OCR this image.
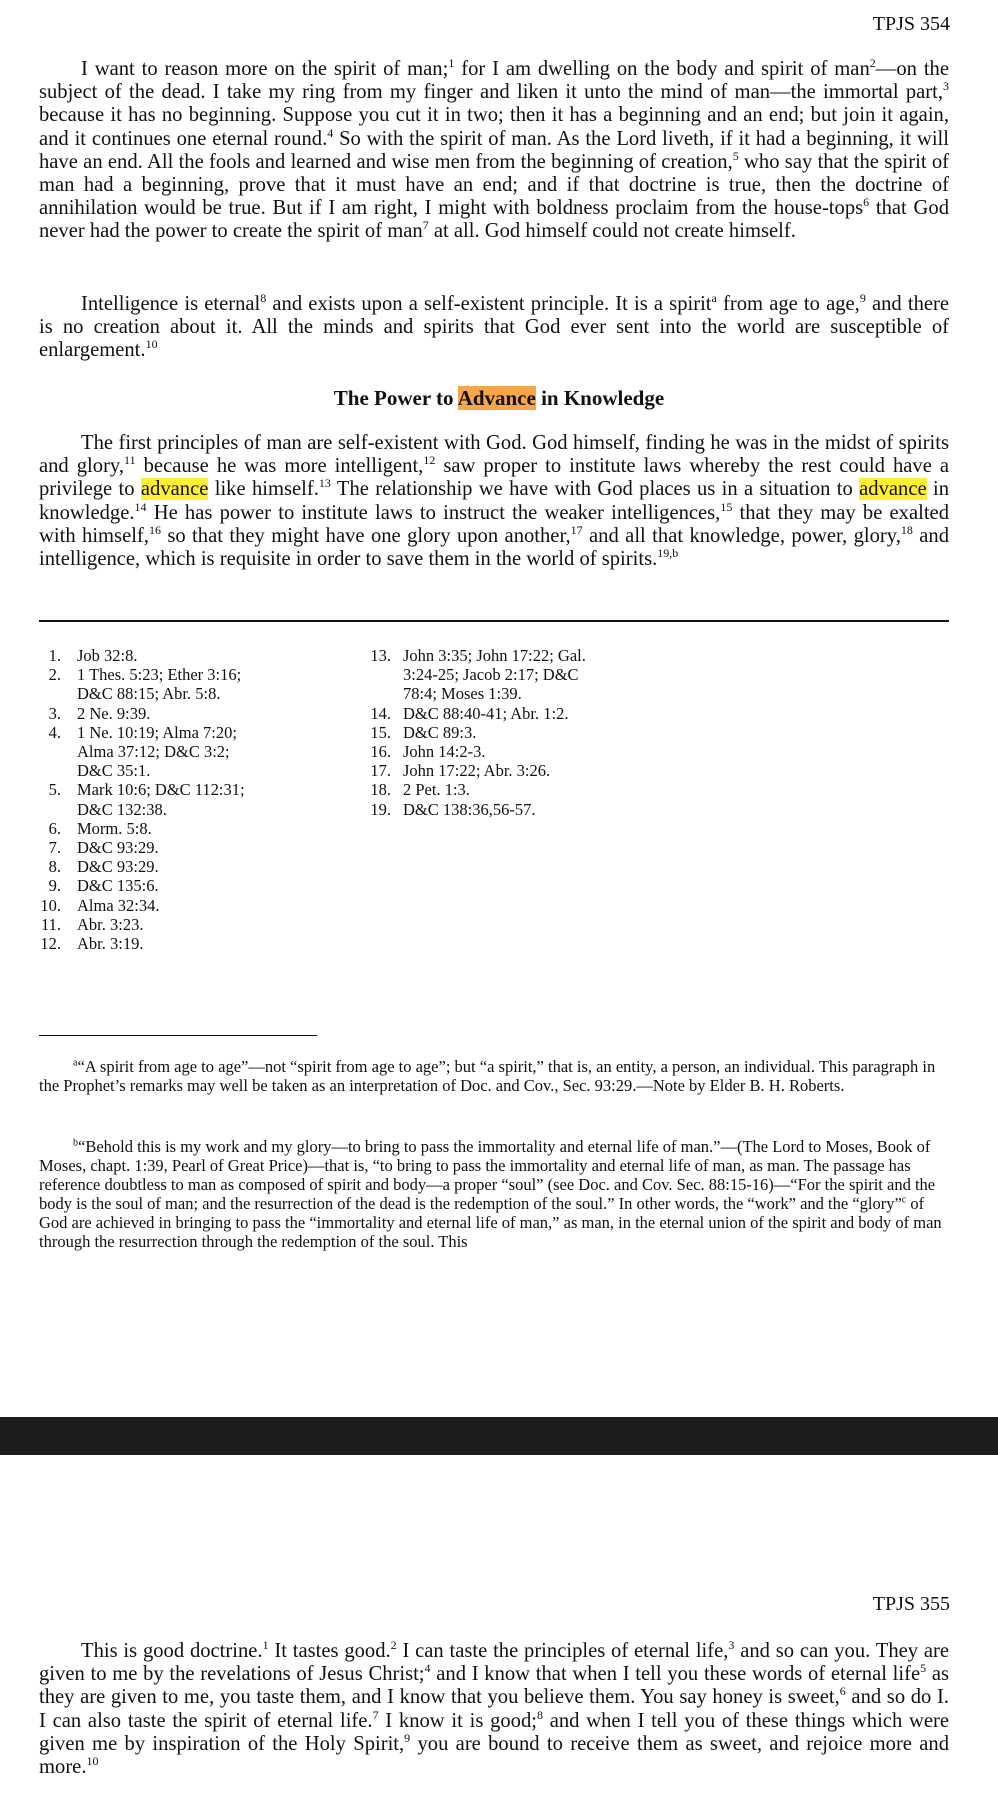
TPJS 354

I want to reason more on the spirit of man;$^1$ for I am dwelling on the body and spirit of man$^2$—on the subject of the dead. I take my ring from my finger and liken it unto the mind of man—the immortal part,$^3$ because it has no beginning. Suppose you cut it in two; then it has a beginning and an end; but join it again, and it continues one eternal round.$^4$ So with the spirit of man. As the Lord liveth, if it had a beginning, it will have an end. All the fools and learned and wise men from the beginning of creation,$^5$ who say that the spirit of man had a beginning, prove that it must have an end; and if that doctrine is true, then the doctrine of annihilation would be true. But if I am right, I might with boldness proclaim from the house-tops$^6$ that God never had the power to create the spirit of man$^7$ at all. God himself could not create himself.

Intelligence is eternal$^8$ and exists upon a self-existent principle. It is a spirit$^a$ from age to age,$^9$ and there is no creation about it. All the minds and spirits that God ever sent into the world are susceptible of enlargement.$^{10}$

The Power to Advance in Knowledge

The first principles of man are self-existent with God. God himself, finding he was in the midst of spirits and glory,$^{11}$ because he was more intelligent,$^{12}$ saw proper to institute laws whereby the rest could have a privilege to advance like himself.$^{13}$ The relationship we have with God places us in a situation to advance in knowledge.$^{14}$ He has power to institute laws to instruct the weaker intelligences,$^{15}$ that they may be exalted with himself,$^{16}$ so that they might have one glory upon another,$^{17}$ and all that knowledge, power, glory,$^{18}$ and intelligence, which is requisite in order to save them in the world of spirits.$^{19,b}$

1. Job 32:8.
2. 1 Thes. 5:23; Ether 3:16;
D&C 88:15; Abr. 5:8.
3. 2 Ne. 9:39.
4. 1 Ne. 10:19; Alma 7:20;
Alma 37:12; D&C 3:2;
D&C 35:1.
5. Mark 10:6; D&C 112:31;
D&C 132:38.
6. Morm. 5:8.
7. D&C 93:29.
8. D&C 93:29.
9. D&C 135:6.
10. Alma 32:34.
11. Abr. 3:23.
12. Abr. 3:19.
13. John 3:35; John 17:22; Gal.
3:24-25; Jacob 2:17; D&C
78:4; Moses 1:39.
14. D&C 88:40-41; Abr. 1:2.
15. D&C 89:3.
16. John 14:2-3.
17. John 17:22; Abr. 3:26.
18. 2 Pet. 1:3.
19. D&C 138:36,56-57.

$^a$“A spirit from age to age”—not “spirit from age to age”; but “a spirit,” that is, an entity, a person, an individual. This paragraph in the Prophet’s remarks may well be taken as an interpretation of Doc. and Cov., Sec. 93:29.—Note by Elder B. H. Roberts.

$^b$“Behold this is my work and my glory—to bring to pass the immortality and eternal life of man.”—(The Lord to Moses, Book of Moses, chapt. 1:39, Pearl of Great Price)—that is, “to bring to pass the immortality and eternal life of man, as man. The passage has reference doubtless to man as composed of spirit and body—a proper “soul” (see Doc. and Cov. Sec. 88:15-16)—“For the spirit and the body is the soul of man; and the resurrection of the dead is the redemption of the soul.” In other words, the “work” and the “glory”$^c$ of God are achieved in bringing to pass the “immortality and eternal life of man,” as man, in the eternal union of the spirit and body of man through the resurrection through the redemption of the soul. This

TPJS 355

This is good doctrine.$^1$ It tastes good.$^2$ I can taste the principles of eternal life,$^3$ and so can you. They are given to me by the revelations of Jesus Christ;$^4$ and I know that when I tell you these words of eternal life$^5$ as they are given to me, you taste them, and I know that you believe them. You say honey is sweet,$^6$ and so do I. I can also taste the spirit of eternal life.$^7$ I know it is good;$^8$ and when I tell you of these things which were given me by inspiration of the Holy Spirit,$^9$ you are bound to receive them as sweet, and rejoice more and more.$^{10}$
